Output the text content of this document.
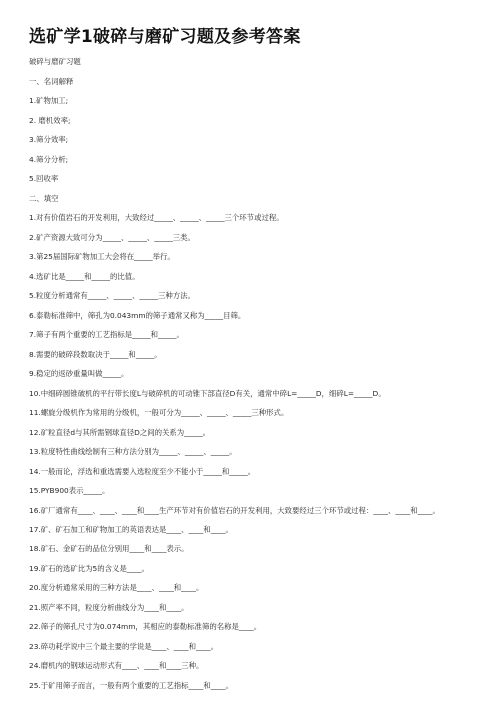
选矿学1破碎与磨矿习题及参考答案
破碎与磨矿习题
一、名词解释
1.矿物加工;
2. 磨机效率;
3.筛分效率;
4.筛分分析;
5.回收率
二、填空
1.对有价值岩石的开发利用，大致经过_____、_____、_____三个环节或过程。
2.矿产资源大致可分为_____、_____、_____三类。
3.第25届国际矿物加工大会将在_____举行。
4.选矿比是_____和_____的比值。
5.粒度分析通常有_____、_____、_____三种方法。
6.泰勒标准筛中，筛孔为0.043mm的筛子通常又称为_____目筛。
7.筛子有两个重要的工艺指标是_____和_____。
8.需要的破碎段数取决于_____和_____。
9.稳定的返砂重量叫做_____。
10.中细碎圆锥破机的平行带长度L与破碎机的可动锥下部直径D有关，通常中碎L=_____D，细碎L=_____D。
11.螺旋分级机作为常用的分级机，一般可分为_____、_____、_____三种形式。
12.矿粒直径d与其所需钢球直径D之间的关系为_____。
13.粒度特性曲线绘制有三种方法分别为_____、_____、_____。
14.一般而论，浮选和重选需要入选粒度至少不能小于_____和_____。
15.PYB900表示_____。
16.矿厂通常有____、____、____和____生产环节对有价值岩石的开发利用，大致要经过三个环节或过程：____、____和____。
17.矿、矿石加工和矿物加工的英语表达是____、____和____。
18.矿石、金矿石的品位分别用____和____表示。
19.矿石的选矿比为5的含义是____。
20.度分析通常采用的三种方法是____、____和____。
21.照产率不同，粒度分析曲线分为____和____。
22.筛子的筛孔尺寸为0.074mm，其相应的泰勒标准筛的名称是____。
23.碎功耗学说中三个最主要的学说是____、____和____。
24.磨机内的钢球运动形式有____、____和____三种。
25.于矿用筛子而言，一般有两个重要的工艺指标____和____。
